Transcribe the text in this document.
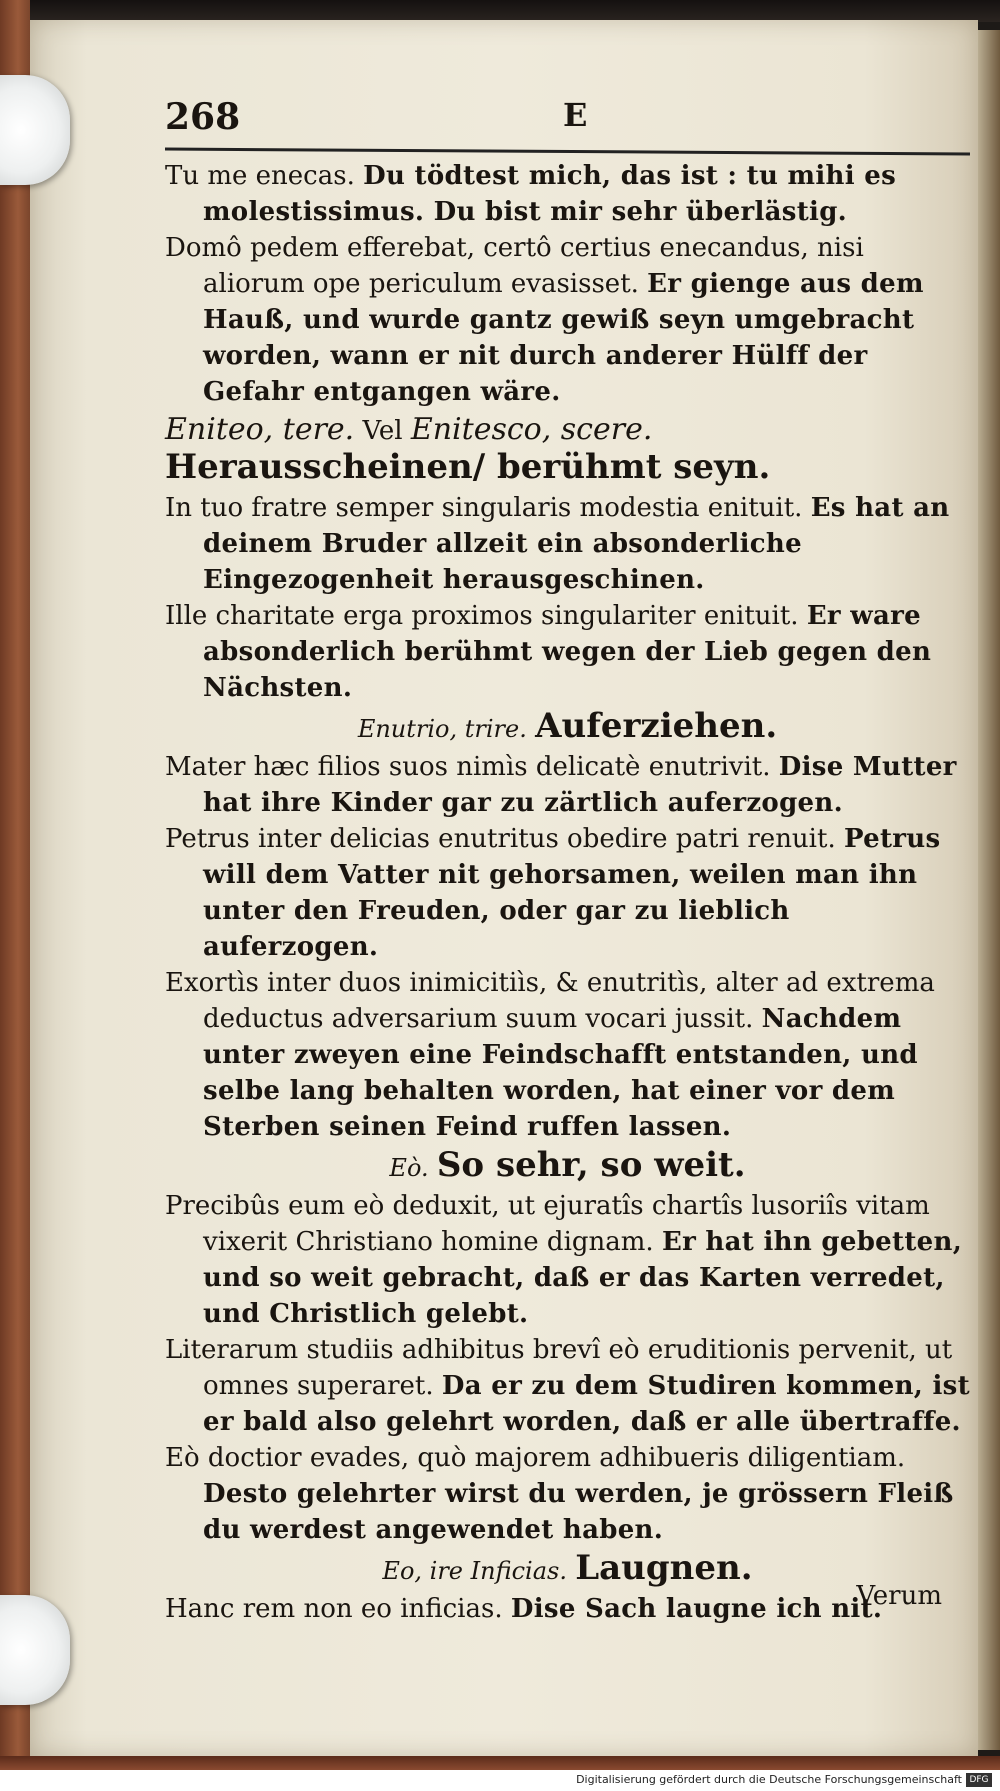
268	E

Tu me enecas. Du tödtest mich, das ist : tu mihi es molestissimus. Du bist mir sehr überlästig.

Domô pedem efferebat, certô certius enecandus, nisi aliorum ope periculum evasisset. Er gienge aus dem Hauß, und wurde gantz gewiß seyn umgebracht worden, wann er nit durch anderer Hülff der Gefahr entgangen wäre.

Eniteo, tere. Vel Enitesco, scere. Herausscheinen/ berühmt seyn.

In tuo fratre semper singularis modestia enituit. Es hat an deinem Bruder allzeit ein absonderliche Eingezogenheit herausgeschinen.

Ille charitate erga proximos singulariter enituit. Er ware absonderlich berühmt wegen der Lieb gegen den Nächsten.

Enutrio, trire. Auferziehen.

Mater hæc filios suos nimìs delicatè enutrivit. Dise Mutter hat ihre Kinder gar zu zärtlich auferzogen.

Petrus inter delicias enutritus obedire patri renuit. Petrus will dem Vatter nit gehorsamen, weilen man ihn unter den Freuden, oder gar zu lieblich auferzogen.

Exortìs inter duos inimicitiìs, & enutritìs, alter ad extrema deductus adversarium suum vocari jussit. Nachdem unter zweyen eine Feindschafft entstanden, und selbe lang behalten worden, hat einer vor dem Sterben seinen Feind ruffen lassen.

Eò. So sehr, so weit.

Precibûs eum eò deduxit, ut ejuratîs chartîs lusoriîs vitam vixerit Christiano homine dignam. Er hat ihn gebetten, und so weit gebracht, daß er das Karten verredet, und Christlich gelebt.

Literarum studiis adhibitus brevî eò eruditionis pervenit, ut omnes superaret. Da er zu dem Studiren kommen, ist er bald also gelehrt worden, daß er alle übertraffe.

Eò doctior evades, quò majorem adhibueris diligentiam. Desto gelehrter wirst du werden, je grössern Fleiß du werdest angewendet haben.

Eo, ire Inficias. Laugnen.

Hanc rem non eo inficias. Dise Sach laugne ich nit.

Verum
Digitalisierung gefördert durch die Deutsche Forschungsgemeinschaft DFG
